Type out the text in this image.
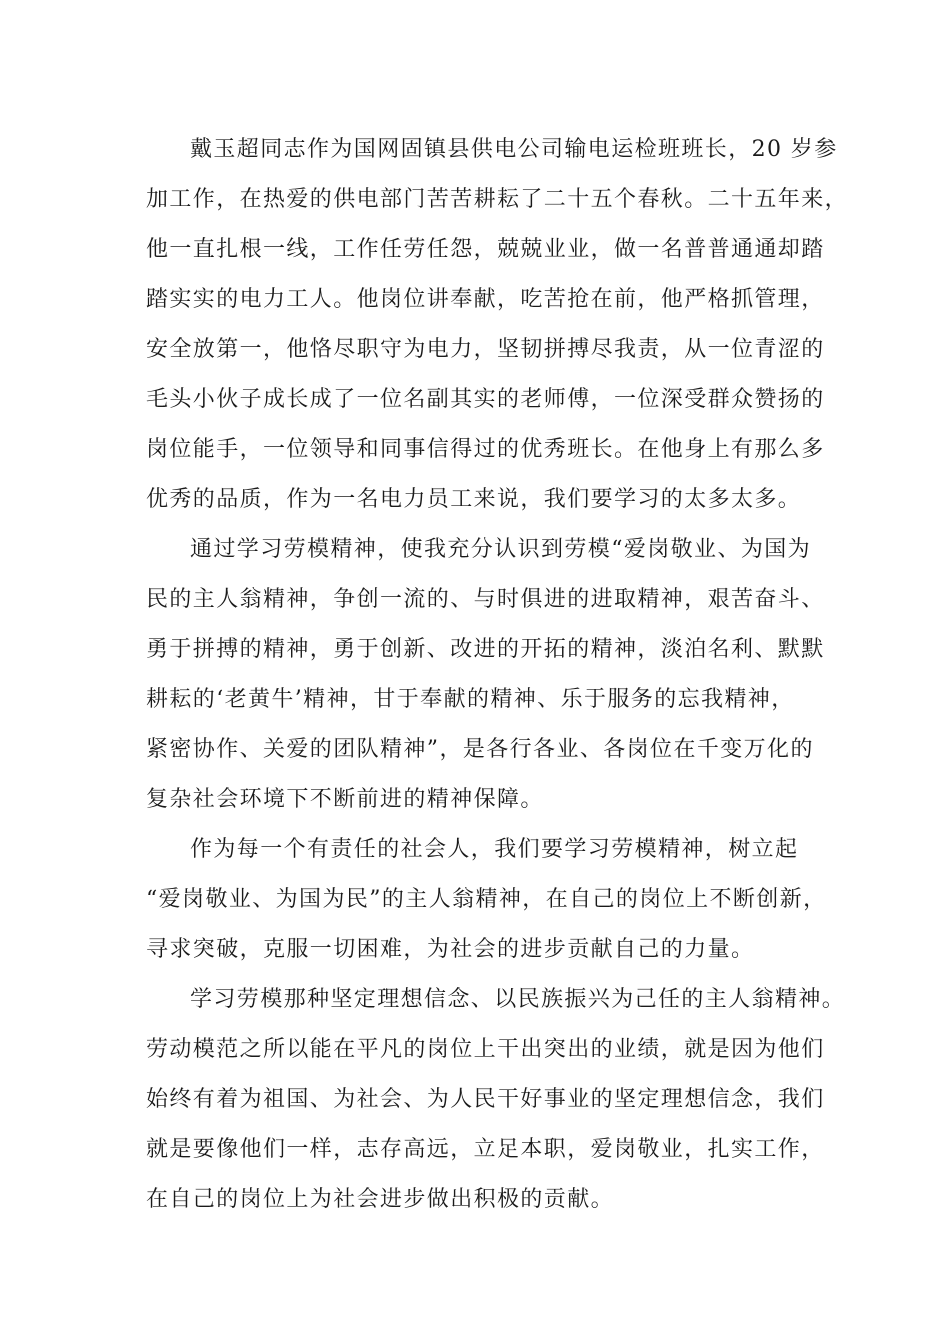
戴玉超同志作为国网固镇县供电公司输电运检班班长，20 岁参
加工作，在热爱的供电部门苦苦耕耘了二十五个春秋。二十五年来，
他一直扎根一线，工作任劳任怨，兢兢业业，做一名普普通通却踏
踏实实的电力工人。他岗位讲奉献，吃苦抢在前，他严格抓管理，
安全放第一，他恪尽职守为电力，坚韧拼搏尽我责，从一位青涩的
毛头小伙子成长成了一位名副其实的老师傅，一位深受群众赞扬的
岗位能手，一位领导和同事信得过的优秀班长。在他身上有那么多
优秀的品质，作为一名电力员工来说，我们要学习的太多太多。
通过学习劳模精神，使我充分认识到劳模“爱岗敬业、为国为
民的主人翁精神，争创一流的、与时俱进的进取精神，艰苦奋斗、
勇于拼搏的精神，勇于创新、改进的开拓的精神，淡泊名利、默默
耕耘的‘老黄牛’精神，甘于奉献的精神、乐于服务的忘我精神，
紧密协作、关爱的团队精神”，是各行各业、各岗位在千变万化的
复杂社会环境下不断前进的精神保障。
作为每一个有责任的社会人，我们要学习劳模精神，树立起
“爱岗敬业、为国为民”的主人翁精神，在自己的岗位上不断创新，
寻求突破，克服一切困难，为社会的进步贡献自己的力量。
学习劳模那种坚定理想信念、以民族振兴为己任的主人翁精神。
劳动模范之所以能在平凡的岗位上干出突出的业绩，就是因为他们
始终有着为祖国、为社会、为人民干好事业的坚定理想信念，我们
就是要像他们一样，志存高远，立足本职，爱岗敬业，扎实工作，
在自己的岗位上为社会进步做出积极的贡献。
